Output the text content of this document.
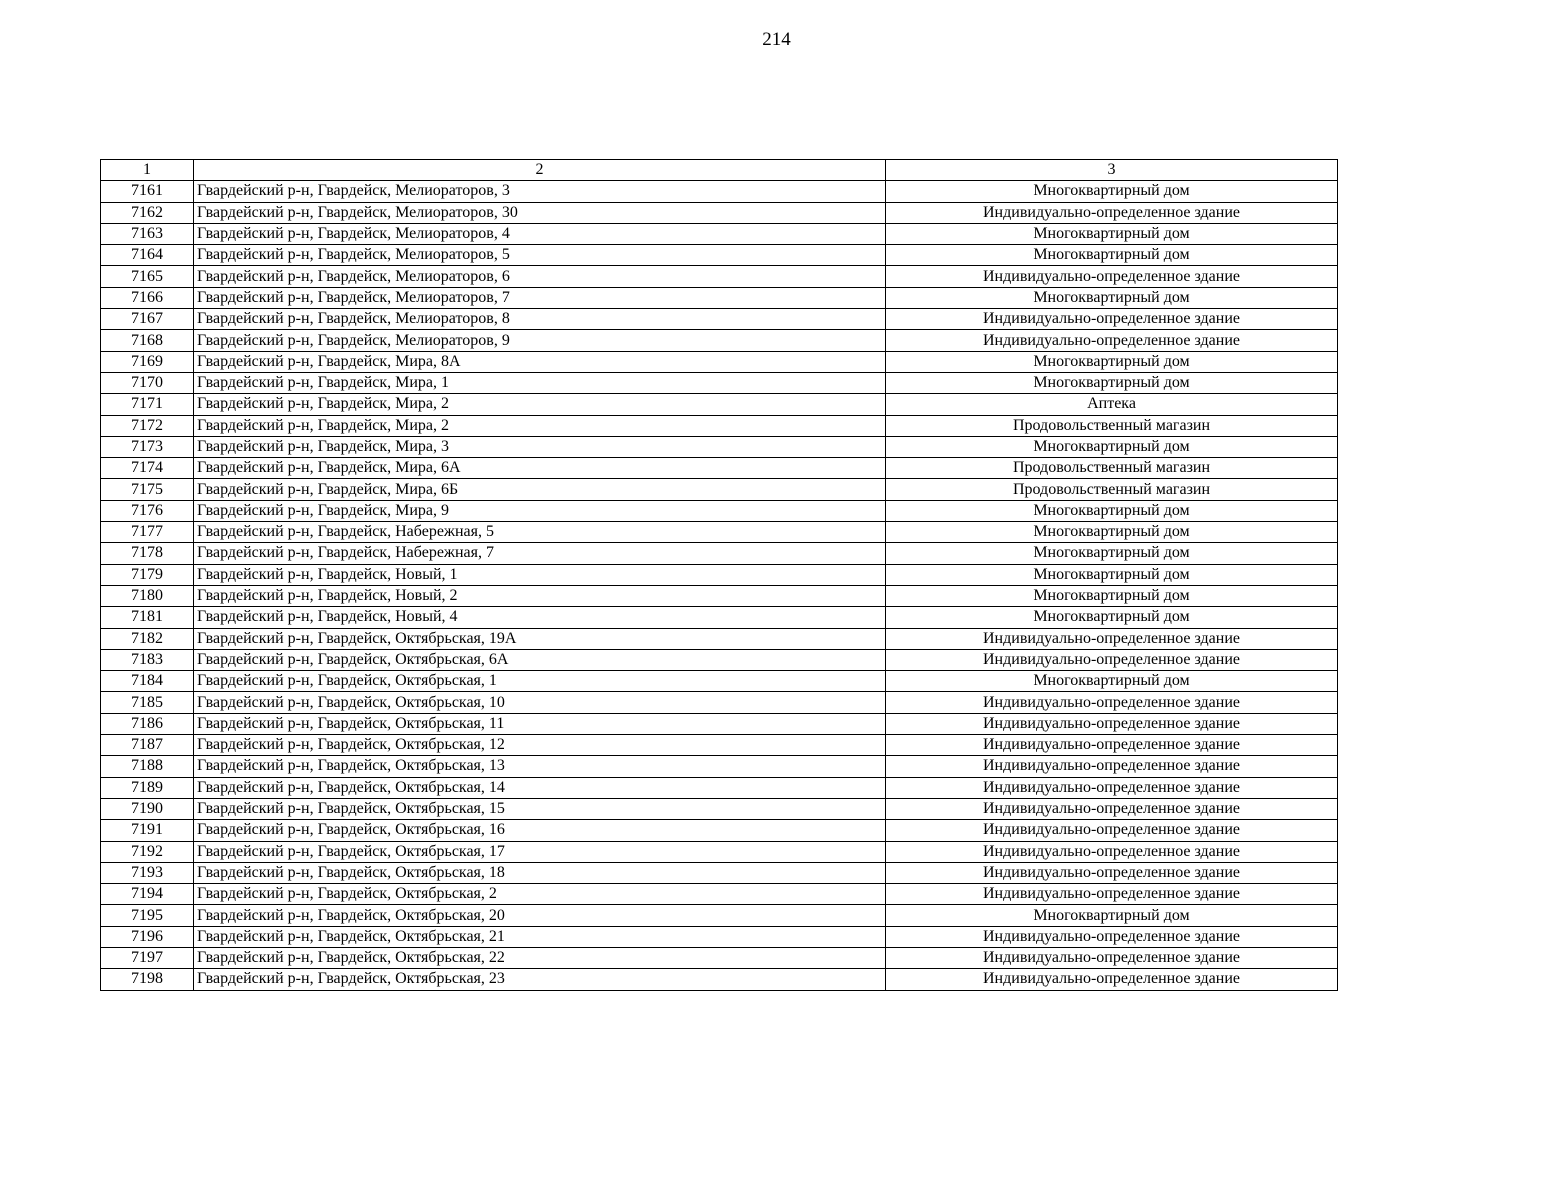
214
1	2	3
7161	Гвардейский р-н, Гвардейск, Мелиораторов, 3	Многоквартирный дом
7162	Гвардейский р-н, Гвардейск, Мелиораторов, 30	Индивидуально-определенное здание
7163	Гвардейский р-н, Гвардейск, Мелиораторов, 4	Многоквартирный дом
7164	Гвардейский р-н, Гвардейск, Мелиораторов, 5	Многоквартирный дом
7165	Гвардейский р-н, Гвардейск, Мелиораторов, 6	Индивидуально-определенное здание
7166	Гвардейский р-н, Гвардейск, Мелиораторов, 7	Многоквартирный дом
7167	Гвардейский р-н, Гвардейск, Мелиораторов, 8	Индивидуально-определенное здание
7168	Гвардейский р-н, Гвардейск, Мелиораторов, 9	Индивидуально-определенное здание
7169	Гвардейский р-н, Гвардейск, Мира, 8А	Многоквартирный дом
7170	Гвардейский р-н, Гвардейск, Мира, 1	Многоквартирный дом
7171	Гвардейский р-н, Гвардейск, Мира, 2	Аптека
7172	Гвардейский р-н, Гвардейск, Мира, 2	Продовольственный магазин
7173	Гвардейский р-н, Гвардейск, Мира, 3	Многоквартирный дом
7174	Гвардейский р-н, Гвардейск, Мира, 6А	Продовольственный магазин
7175	Гвардейский р-н, Гвардейск, Мира, 6Б	Продовольственный магазин
7176	Гвардейский р-н, Гвардейск, Мира, 9	Многоквартирный дом
7177	Гвардейский р-н, Гвардейск, Набережная, 5	Многоквартирный дом
7178	Гвардейский р-н, Гвардейск, Набережная, 7	Многоквартирный дом
7179	Гвардейский р-н, Гвардейск, Новый, 1	Многоквартирный дом
7180	Гвардейский р-н, Гвардейск, Новый, 2	Многоквартирный дом
7181	Гвардейский р-н, Гвардейск, Новый, 4	Многоквартирный дом
7182	Гвардейский р-н, Гвардейск, Октябрьская, 19А	Индивидуально-определенное здание
7183	Гвардейский р-н, Гвардейск, Октябрьская, 6А	Индивидуально-определенное здание
7184	Гвардейский р-н, Гвардейск, Октябрьская, 1	Многоквартирный дом
7185	Гвардейский р-н, Гвардейск, Октябрьская, 10	Индивидуально-определенное здание
7186	Гвардейский р-н, Гвардейск, Октябрьская, 11	Индивидуально-определенное здание
7187	Гвардейский р-н, Гвардейск, Октябрьская, 12	Индивидуально-определенное здание
7188	Гвардейский р-н, Гвардейск, Октябрьская, 13	Индивидуально-определенное здание
7189	Гвардейский р-н, Гвардейск, Октябрьская, 14	Индивидуально-определенное здание
7190	Гвардейский р-н, Гвардейск, Октябрьская, 15	Индивидуально-определенное здание
7191	Гвардейский р-н, Гвардейск, Октябрьская, 16	Индивидуально-определенное здание
7192	Гвардейский р-н, Гвардейск, Октябрьская, 17	Индивидуально-определенное здание
7193	Гвардейский р-н, Гвардейск, Октябрьская, 18	Индивидуально-определенное здание
7194	Гвардейский р-н, Гвардейск, Октябрьская, 2	Индивидуально-определенное здание
7195	Гвардейский р-н, Гвардейск, Октябрьская, 20	Многоквартирный дом
7196	Гвардейский р-н, Гвардейск, Октябрьская, 21	Индивидуально-определенное здание
7197	Гвардейский р-н, Гвардейск, Октябрьская, 22	Индивидуально-определенное здание
7198	Гвардейский р-н, Гвардейск, Октябрьская, 23	Индивидуально-определенное здание
